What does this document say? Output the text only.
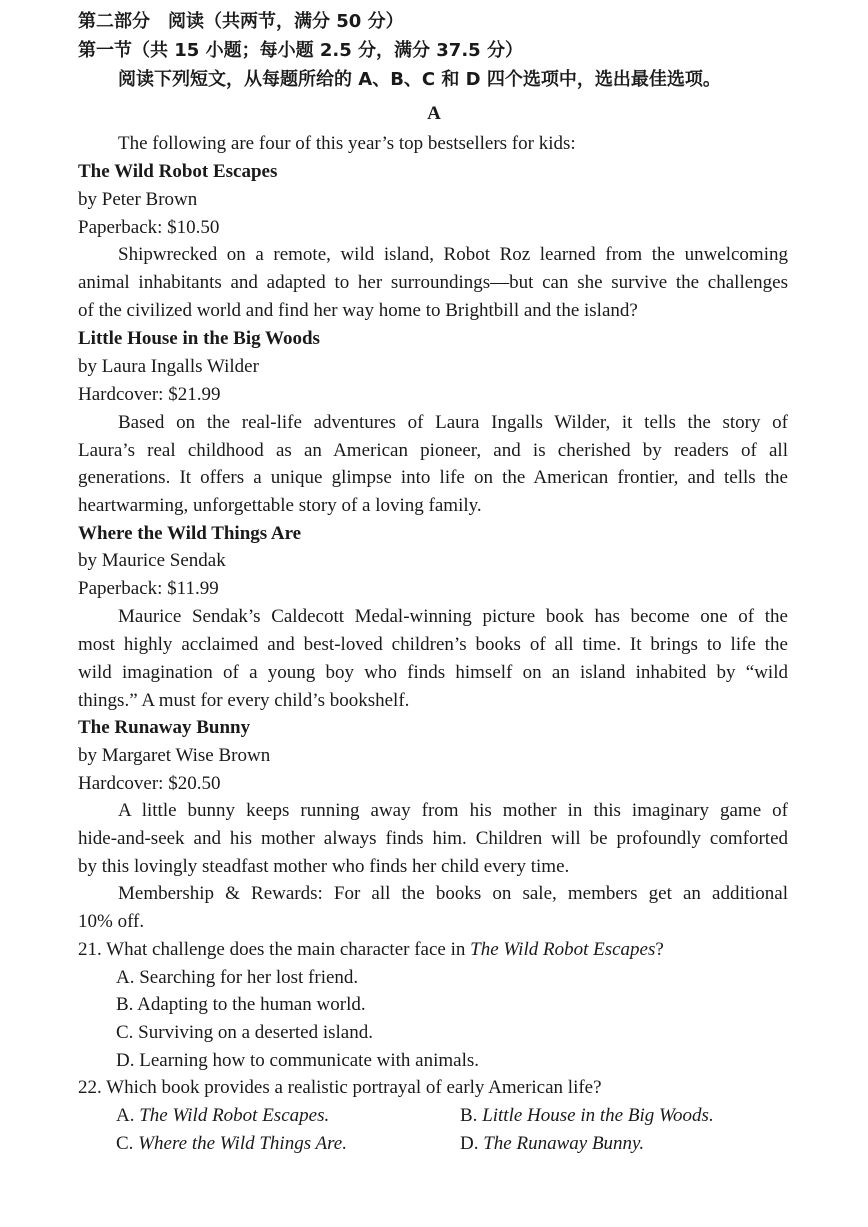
第二部分　阅读（共两节，满分 50 分）
第一节（共 15 小题；每小题 2.5 分，满分 37.5 分）
阅读下列短文，从每题所给的 A、B、C 和 D 四个选项中，选出最佳选项。
A
The following are four of this year’s top bestsellers for kids:
The Wild Robot Escapes
by Peter Brown
Paperback: $10.50
Shipwrecked on a remote, wild island, Robot Roz learned from the unwelcoming
animal inhabitants and adapted to her surroundings—but can she survive the challenges
of the civilized world and find her way home to Brightbill and the island?
Little House in the Big Woods
by Laura Ingalls Wilder
Hardcover: $21.99
Based on the real-life adventures of Laura Ingalls Wilder, it tells the story of
Laura’s real childhood as an American pioneer, and is cherished by readers of all
generations. It offers a unique glimpse into life on the American frontier, and tells the
heartwarming, unforgettable story of a loving family.
Where the Wild Things Are
by Maurice Sendak
Paperback: $11.99
Maurice Sendak’s Caldecott Medal-winning picture book has become one of the
most highly acclaimed and best-loved children’s books of all time. It brings to life the
wild imagination of a young boy who finds himself on an island inhabited by “wild
things.” A must for every child’s bookshelf.
The Runaway Bunny
by Margaret Wise Brown
Hardcover: $20.50
A little bunny keeps running away from his mother in this imaginary game of
hide-and-seek and his mother always finds him. Children will be profoundly comforted
by this lovingly steadfast mother who finds her child every time.
Membership & Rewards: For all the books on sale, members get an additional
10% off.
21. What challenge does the main character face in The Wild Robot Escapes?
A. Searching for her lost friend.
B. Adapting to the human world.
C. Surviving on a deserted island.
D. Learning how to communicate with animals.
22. Which book provides a realistic portrayal of early American life?
A. The Wild Robot Escapes.	B. Little House in the Big Woods.
C. Where the Wild Things Are.	D. The Runaway Bunny.
